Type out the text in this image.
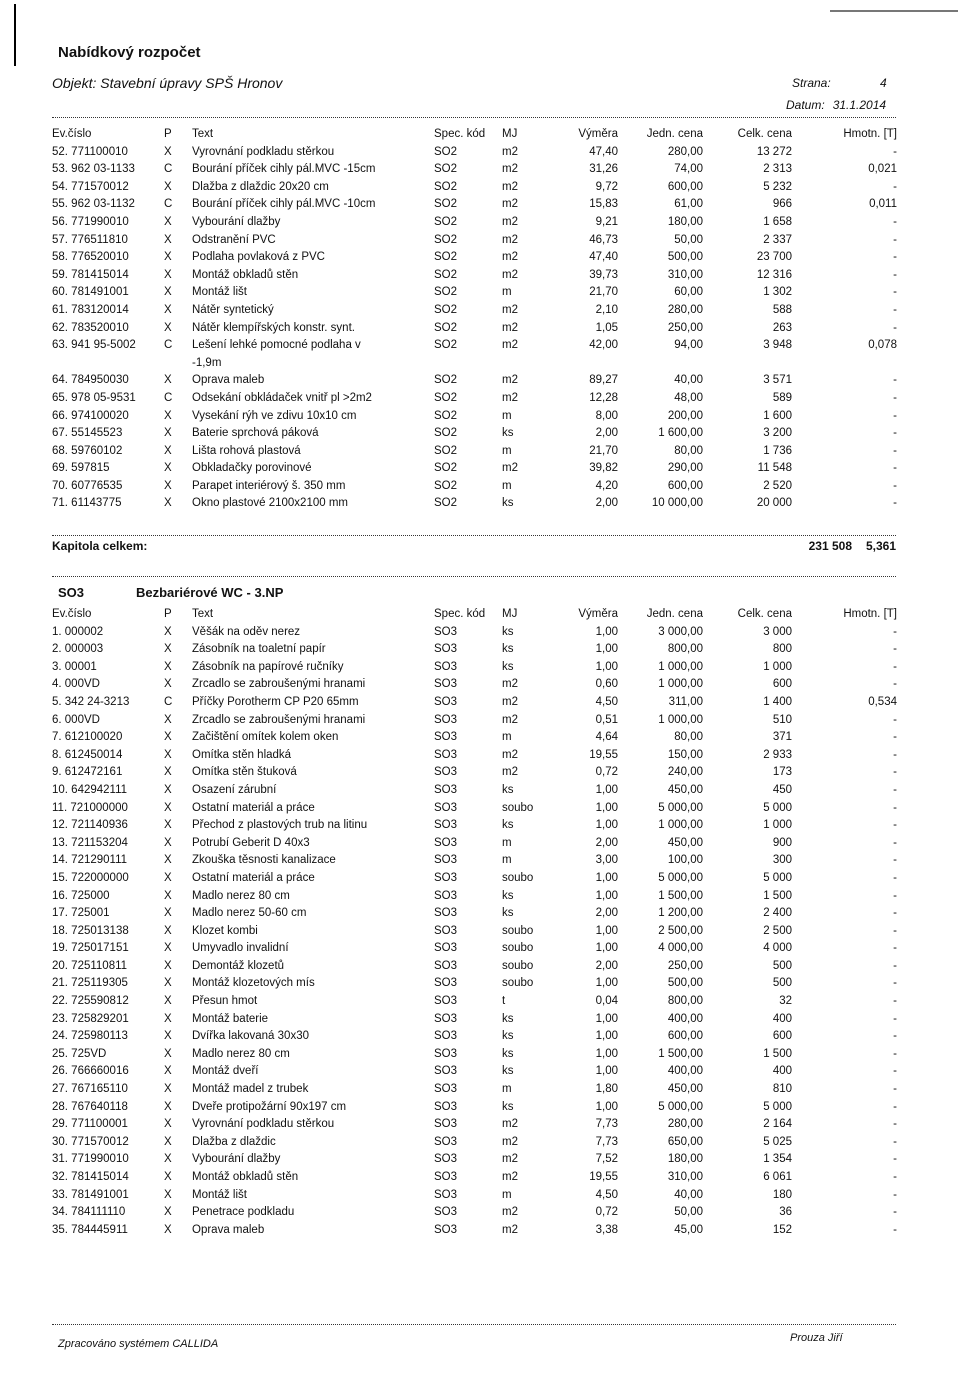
Nabídkový rozpočet
Objekt: Stavební úpravy SPŠ Hronov	Strana:	4
Datum: 31.1.2014
Ev.číslo	P	Text	Spec. kód	MJ	Výměra	Jedn. cena	Celk. cena	Hmotn. [T]
52. 771100010	X	Vyrovnání podkladu stěrkou	SO2	m2	47,40	280,00	13 272	-
53. 962 03-1133	C	Bourání příček cihly pál.MVC -15cm	SO2	m2	31,26	74,00	2 313	0,021
54. 771570012	X	Dlažba z dlaždic 20x20 cm	SO2	m2	9,72	600,00	5 232	-
55. 962 03-1132	C	Bourání příček cihly pál.MVC -10cm	SO2	m2	15,83	61,00	966	0,011
56. 771990010	X	Vybourání dlažby	SO2	m2	9,21	180,00	1 658	-
57. 776511810	X	Odstranění PVC	SO2	m2	46,73	50,00	2 337	-
58. 776520010	X	Podlaha povlaková z PVC	SO2	m2	47,40	500,00	23 700	-
59. 781415014	X	Montáž obkladů stěn	SO2	m2	39,73	310,00	12 316	-
60. 781491001	X	Montáž lišt	SO2	m	21,70	60,00	1 302	-
61. 783120014	X	Nátěr syntetický	SO2	m2	2,10	280,00	588	-
62. 783520010	X	Nátěr klempířských konstr. synt.	SO2	m2	1,05	250,00	263	-
63. 941 95-5002	C	Lešení lehké pomocné podlaha v	SO2	m2	42,00	94,00	3 948	0,078
		-1,9m						
64. 784950030	X	Oprava maleb	SO2	m2	89,27	40,00	3 571	-
65. 978 05-9531	C	Odsekání obkládaček vnitř pl >2m2	SO2	m2	12,28	48,00	589	-
66. 974100020	X	Vysekání rýh ve zdivu 10x10 cm	SO2	m	8,00	200,00	1 600	-
67. 55145523	X	Baterie sprchová páková	SO2	ks	2,00	1 600,00	3 200	-
68. 59760102	X	Lišta rohová plastová	SO2	m	21,70	80,00	1 736	-
69. 597815	X	Obkladačky porovinové	SO2	m2	39,82	290,00	11 548	-
70. 60776535	X	Parapet interiérový š. 350 mm	SO2	m	4,20	600,00	2 520	-
71. 61143775	X	Okno plastové 2100x2100 mm	SO2	ks	2,00	10 000,00	20 000	-
Kapitola celkem:	231 508	5,361
SO3	Bezbariérové WC - 3.NP
Ev.číslo	P	Text	Spec. kód	MJ	Výměra	Jedn. cena	Celk. cena	Hmotn. [T]
1. 000002	X	Věšák na oděv nerez	SO3	ks	1,00	3 000,00	3 000	-
2. 000003	X	Zásobník na toaletní papír	SO3	ks	1,00	800,00	800	-
3. 00001	X	Zásobník na papírové ručníky	SO3	ks	1,00	1 000,00	1 000	-
4. 000VD	X	Zrcadlo se zabroušenými hranami	SO3	m2	0,60	1 000,00	600	-
5. 342 24-3213	C	Příčky Porotherm CP P20 65mm	SO3	m2	4,50	311,00	1 400	0,534
6. 000VD	X	Zrcadlo se zabroušenými hranami	SO3	m2	0,51	1 000,00	510	-
7. 612100020	X	Začištění omítek kolem oken	SO3	m	4,64	80,00	371	-
8. 612450014	X	Omítka stěn hladká	SO3	m2	19,55	150,00	2 933	-
9. 612472161	X	Omítka stěn štuková	SO3	m2	0,72	240,00	173	-
10. 642942111	X	Osazení zárubní	SO3	ks	1,00	450,00	450	-
11. 721000000	X	Ostatní materiál a práce	SO3	soubo	1,00	5 000,00	5 000	-
12. 721140936	X	Přechod z plastových trub na litinu	SO3	ks	1,00	1 000,00	1 000	-
13. 721153204	X	Potrubí Geberit D 40x3	SO3	m	2,00	450,00	900	-
14. 721290111	X	Zkouška těsnosti kanalizace	SO3	m	3,00	100,00	300	-
15. 722000000	X	Ostatní materiál a práce	SO3	soubo	1,00	5 000,00	5 000	-
16. 725000	X	Madlo nerez 80 cm	SO3	ks	1,00	1 500,00	1 500	-
17. 725001	X	Madlo nerez 50-60 cm	SO3	ks	2,00	1 200,00	2 400	-
18. 725013138	X	Klozet kombi	SO3	soubo	1,00	2 500,00	2 500	-
19. 725017151	X	Umyvadlo invalidní	SO3	soubo	1,00	4 000,00	4 000	-
20. 725110811	X	Demontáž klozetů	SO3	soubo	2,00	250,00	500	-
21. 725119305	X	Montáž klozetových mís	SO3	soubo	1,00	500,00	500	-
22. 725590812	X	Přesun hmot	SO3	t	0,04	800,00	32	-
23. 725829201	X	Montáž baterie	SO3	ks	1,00	400,00	400	-
24. 725980113	X	Dvířka lakovaná 30x30	SO3	ks	1,00	600,00	600	-
25. 725VD	X	Madlo nerez 80 cm	SO3	ks	1,00	1 500,00	1 500	-
26. 766660016	X	Montáž dveří	SO3	ks	1,00	400,00	400	-
27. 767165110	X	Montáž madel z trubek	SO3	m	1,80	450,00	810	-
28. 767640118	X	Dveře protipožární 90x197 cm	SO3	ks	1,00	5 000,00	5 000	-
29. 771100001	X	Vyrovnání podkladu stěrkou	SO3	m2	7,73	280,00	2 164	-
30. 771570012	X	Dlažba z dlaždic	SO3	m2	7,73	650,00	5 025	-
31. 771990010	X	Vybourání dlažby	SO3	m2	7,52	180,00	1 354	-
32. 781415014	X	Montáž obkladů stěn	SO3	m2	19,55	310,00	6 061	-
33. 781491001	X	Montáž lišt	SO3	m	4,50	40,00	180	-
34. 784111110	X	Penetrace podkladu	SO3	m2	0,72	50,00	36	-
35. 784445911	X	Oprava maleb	SO3	m2	3,38	45,00	152	-
Zpracováno systémem CALLIDA	Prouza Jiří
